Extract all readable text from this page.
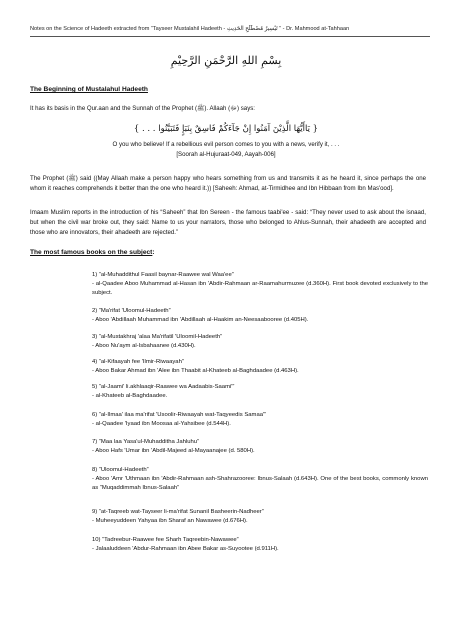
Notes on the Science of Hadeeth extracted from “Tayseer Mustalahil Hadeeth - تَيْسِيرُ مُصْطَلَحِ الحَدِيثِ ” - Dr. Mahmood at-Tahhaan
بِسْمِ اللهِ الرَّحْمَنِ الرَّحِيْمِ
The Beginning of Mustalahul Hadeeth
It has its basis in the Qur.aan and the Sunnah of the Prophet (ﷺ). Allaah (ﷻ) says:
{ يَاأَيُّهَا الَّذِيْنَ آمَنُوا إِنْ جَآءَكُمْ فَاسِقٌ بِنَبَإٍ فَتَبَيَّنُوا . . . }
O you who believe! If a rebellious evil person comes to you with a news, verify it, . . .
[Soorah al-Hujuraat-049, Aayah-006]
The Prophet (ﷺ) said ((May Allaah make a person happy who hears something from us and transmits it as he heard it, since perhaps the one whom it reaches comprehends it better than the one who heard it.)) [Saheeh: Ahmad, at-Tirmidhee and Ibn Hibbaan from Ibn Mas'ood].
Imaam Muslim reports in the introduction of his “Saheeh” that Ibn Sereen - the famous taabi'ee - said: “They never used to ask about the isnaad, but when the civil war broke out, they said: Name to us your narrators, those who belonged to Ahlus-Sunnah, their ahadeeth are accepted and those who are innovators, their ahadeeth are rejected.”
The most famous books on the subject:
1) “al-Muhaddithul Faasil baynar-Raawee wal Waa'ee”
- al-Qaadee Aboo Muhammad al-Hasan ibn 'Abdir-Rahmaan ar-Raamahurmuzee (d.360H). First book devoted exclusively to the subject.
2) “Ma'rifat 'Uloomul-Hadeeth”
- Aboo 'Abdillaah Muhammad ibn 'Abdillaah al-Haakim an-Neesaabooree (d.405H).
3) “al-Mustakhraj 'alaa Ma'rifatil 'Uloomil-Hadeeth”
- Aboo Nu'aym al-Isbahaanee (d.430H).
4) “al-Kifaayah fee 'Ilmir-Riwaayah”
- Aboo Bakar Ahmad ibn 'Alee ibn Thaabit al-Khateeb al-Baghdaadee (d.463H).
5) “al-Jaami' li.akhlaaqir-Raawee wa Aadaabis-Saami'”
- al-Khateeb al-Baghdaadee.
6) “al-Ilmaa' ilaa ma'rifat 'Usoolir-Riwaayah wat-Taqyeedis Samaa'”
- al-Qaadee 'Iyaad ibn Moosaa al-Yahsibee (d.544H).
7) “Maa laa Yasa'ul-Muhadditha Jahluhu”
- Aboo Hafs 'Umar ibn 'Abdil-Majeed al-Mayaanajee (d. 580H).
8) “Uloomul-Hadeeth”
- Aboo 'Amr 'Uthmaan ibn 'Abdir-Rahmaan ash-Shahrazooree: Ibnus-Salaah (d.643H). One of the best books, commonly known as “Muqaddimmah Ibnus-Salaah”
9) “at-Taqreeb wat-Tayseer li-ma'rifat Sunanil Basheerin-Nadheer”
- Muheeyuddeen Yahyaa ibn Sharaf an Nawawee (d.676H).
10) “Tadreebur-Raawee fee Sharh Taqreebin-Nawawee”
- Jalaaluddeen 'Abdur-Rahmaan ibn Abee Bakar as-Suyootee (d.911H).
